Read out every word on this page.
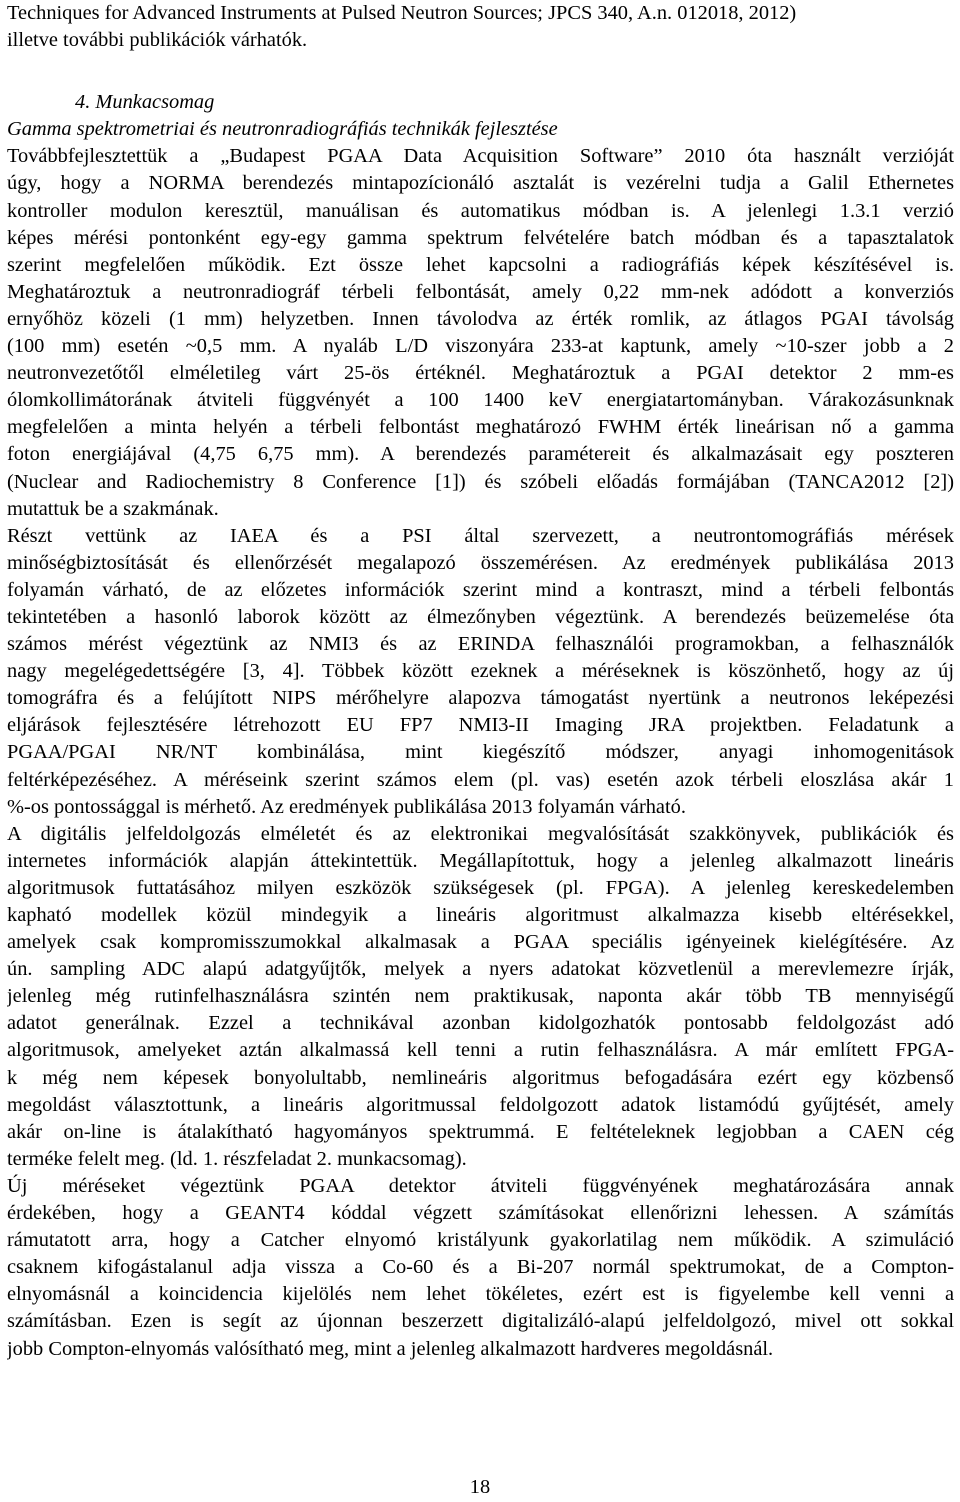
Techniques for Advanced Instruments at Pulsed Neutron Sources; JPCS 340, A.n. 012018, 2012)
illetve további publikációk várhatók.
4. Munkacsomag
Gamma spektrometriai és neutronradiográfiás technikák fejlesztése
Továbbfejlesztettük a „Budapest PGAA Data Acquisition Software” 2010 óta használt verzióját
úgy, hogy a NORMA berendezés mintapozícionáló asztalát is vezérelni tudja a Galil Ethernetes
kontroller modulon keresztül, manuálisan és automatikus módban is. A jelenlegi 1.3.1 verzió
képes mérési pontonként egy-egy gamma spektrum felvételére batch módban és a tapasztalatok
szerint megfelelően működik. Ezt össze lehet kapcsolni a radiográfiás képek készítésével is.
Meghatároztuk a neutronradiográf térbeli felbontását, amely 0,22 mm-nek adódott a konverziós
ernyőhöz közeli (1 mm) helyzetben. Innen távolodva az érték romlik, az átlagos PGAI távolság
(100 mm) esetén ~0,5 mm. A nyaláb L/D viszonyára 233-at kaptunk, amely ~10-szer jobb a 2
neutronvezetőtől elméletileg várt 25-ös értéknél. Meghatároztuk a PGAI detektor 2 mm-es
ólomkollimátorának átviteli függvényét a 100 1400 keV energiatartományban. Várakozásunknak
megfelelően a minta helyén a térbeli felbontást meghatározó FWHM érték lineárisan nő a gamma
foton energiájával (4,75 6,75 mm). A berendezés paramétereit és alkalmazásait egy poszteren
(Nuclear and Radiochemistry 8 Conference [1]) és szóbeli előadás formájában (TANCA2012 [2])
mutattuk be a szakmának.
Részt vettünk az IAEA és a PSI által szervezett, a neutrontomográfiás mérések
minőségbiztosítását és ellenőrzését megalapozó összemérésen. Az eredmények publikálása 2013
folyamán várható, de az előzetes információk szerint mind a kontraszt, mind a térbeli felbontás
tekintetében a hasonló laborok között az élmezőnyben végeztünk. A berendezés beüzemelése óta
számos mérést végeztünk az NMI3 és az ERINDA felhasználói programokban, a felhasználók
nagy megelégedettségére [3, 4]. Többek között ezeknek a méréseknek is köszönhető, hogy az új
tomográfra és a felújított NIPS mérőhelyre alapozva támogatást nyertünk a neutronos leképezési
eljárások fejlesztésére létrehozott EU FP7 NMI3-II Imaging JRA projektben. Feladatunk a
PGAA/PGAI NR/NT kombinálása, mint kiegészítő módszer, anyagi inhomogenitások
feltérképezéséhez. A méréseink szerint számos elem (pl. vas) esetén azok térbeli eloszlása akár 1
%-os pontossággal is mérhető. Az eredmények publikálása 2013 folyamán várható.
A digitális jelfeldolgozás elméletét és az elektronikai megvalósítását szakkönyvek, publikációk és
internetes információk alapján áttekintettük. Megállapítottuk, hogy a jelenleg alkalmazott lineáris
algoritmusok futtatásához milyen eszközök szükségesek (pl. FPGA). A jelenleg kereskedelemben
kapható modellek közül mindegyik a lineáris algoritmust alkalmazza kisebb eltérésekkel,
amelyek csak kompromisszumokkal alkalmasak a PGAA speciális igényeinek kielégítésére. Az
ún. sampling ADC alapú adatgyűjtők, melyek a nyers adatokat közvetlenül a merevlemezre írják,
jelenleg még rutinfelhasználásra szintén nem praktikusak, naponta akár több TB mennyiségű
adatot generálnak. Ezzel a technikával azonban kidolgozhatók pontosabb feldolgozást adó
algoritmusok, amelyeket aztán alkalmassá kell tenni a rutin felhasználásra. A már említett FPGA-
k még nem képesek bonyolultabb, nemlineáris algoritmus befogadására ezért egy közbenső
megoldást választottunk, a lineáris algoritmussal feldolgozott adatok listamódú gyűjtését, amely
akár on-line is átalakítható hagyományos spektrummá. E feltételeknek legjobban a CAEN cég
terméke felelt meg. (ld. 1. részfeladat 2. munkacsomag).
Új méréseket végeztünk PGAA detektor átviteli függvényének meghatározására annak
érdekében, hogy a GEANT4 kóddal végzett számításokat ellenőrizni lehessen. A számítás
rámutatott arra, hogy a Catcher elnyomó kristályunk gyakorlatilag nem működik. A szimuláció
csaknem kifogástalanul adja vissza a Co-60 és a Bi-207 normál spektrumokat, de a Compton-
elnyomásnál a koincidencia kijelölés nem lehet tökéletes, ezért est is figyelembe kell venni a
számításban. Ezen is segít az újonnan beszerzett digitalizáló-alapú jelfeldolgozó, mivel ott sokkal
jobb Compton-elnyomás valósítható meg, mint a jelenleg alkalmazott hardveres megoldásnál.
18
